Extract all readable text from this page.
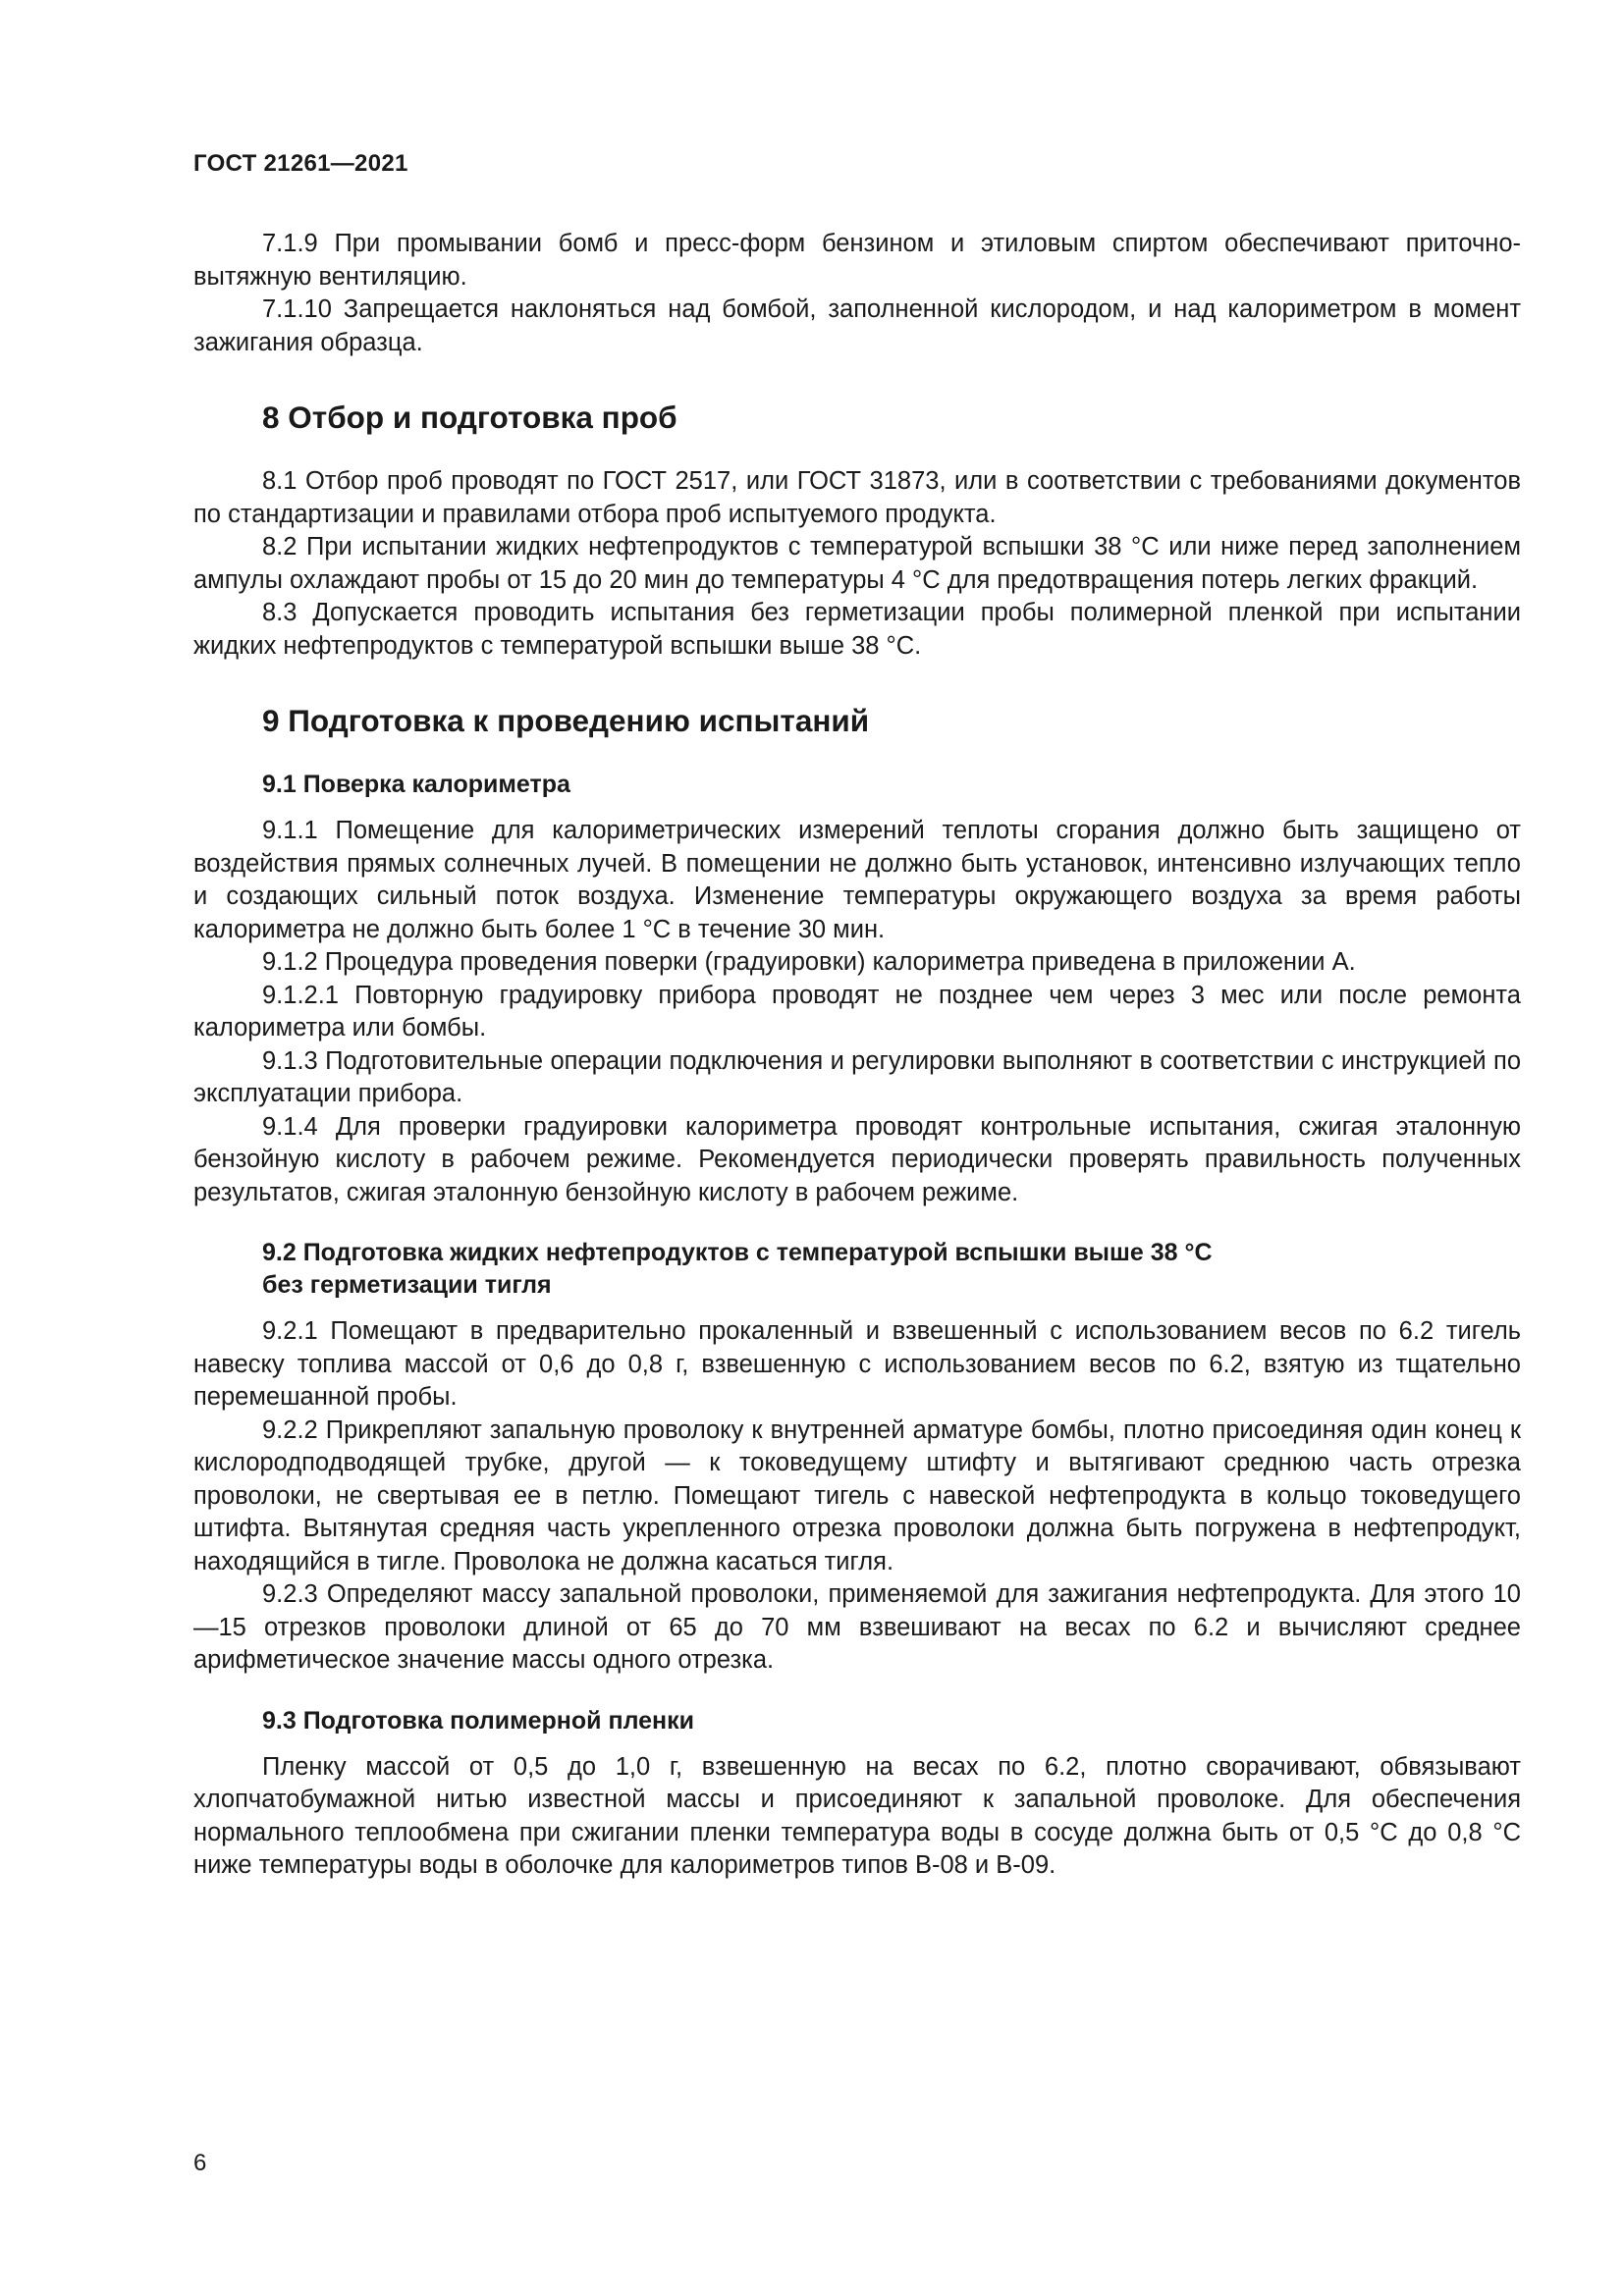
ГОСТ 21261—2021

7.1.9 При промывании бомб и пресс-форм бензином и этиловым спиртом обеспечивают приточно-вытяжную вентиляцию.

7.1.10 Запрещается наклоняться над бомбой, заполненной кислородом, и над калориметром в момент зажигания образца.

8 Отбор и подготовка проб

8.1 Отбор проб проводят по ГОСТ 2517, или ГОСТ 31873, или в соответствии с требованиями документов по стандартизации и правилами отбора проб испытуемого продукта.

8.2 При испытании жидких нефтепродуктов с температурой вспышки 38 °С или ниже перед заполнением ампулы охлаждают пробы от 15 до 20 мин до температуры 4 °С для предотвращения потерь легких фракций.

8.3 Допускается проводить испытания без герметизации пробы полимерной пленкой при испытании жидких нефтепродуктов с температурой вспышки выше 38 °С.

9 Подготовка к проведению испытаний
9.1 Поверка калориметра

9.1.1 Помещение для калориметрических измерений теплоты сгорания должно быть защищено от воздействия прямых солнечных лучей. В помещении не должно быть установок, интенсивно излучающих тепло и создающих сильный поток воздуха. Изменение температуры окружающего воздуха за время работы калориметра не должно быть более 1 °С в течение 30 мин.

9.1.2 Процедура проведения поверки (градуировки) калориметра приведена в приложении А.

9.1.2.1 Повторную градуировку прибора проводят не позднее чем через 3 мес или после ремонта калориметра или бомбы.

9.1.3 Подготовительные операции подключения и регулировки выполняют в соответствии с инструкцией по эксплуатации прибора.

9.1.4 Для проверки градуировки калориметра проводят контрольные испытания, сжигая эталонную бензойную кислоту в рабочем режиме. Рекомендуется периодически проверять правильность полученных результатов, сжигая эталонную бензойную кислоту в рабочем режиме.

9.2 Подготовка жидких нефтепродуктов с температурой вспышки выше 38 °С
без герметизации тигля

9.2.1 Помещают в предварительно прокаленный и взвешенный с использованием весов по 6.2 тигель навеску топлива массой от 0,6 до 0,8 г, взвешенную с использованием весов по 6.2, взятую из тщательно перемешанной пробы.

9.2.2 Прикрепляют запальную проволоку к внутренней арматуре бомбы, плотно присоединяя один конец к кислородподводящей трубке, другой — к токоведущему штифту и вытягивают среднюю часть отрезка проволоки, не свертывая ее в петлю. Помещают тигель с навеской нефтепродукта в кольцо токоведущего штифта. Вытянутая средняя часть укрепленного отрезка проволоки должна быть погружена в нефтепродукт, находящийся в тигле. Проволока не должна касаться тигля.

9.2.3 Определяют массу запальной проволоки, применяемой для зажигания нефтепродукта. Для этого 10—15 отрезков проволоки длиной от 65 до 70 мм взвешивают на весах по 6.2 и вычисляют среднее арифметическое значение массы одного отрезка.

9.3 Подготовка полимерной пленки

Пленку массой от 0,5 до 1,0 г, взвешенную на весах по 6.2, плотно сворачивают, обвязывают хлопчатобумажной нитью известной массы и присоединяют к запальной проволоке. Для обеспечения нормального теплообмена при сжигании пленки температура воды в сосуде должна быть от 0,5 °С до 0,8 °С ниже температуры воды в оболочке для калориметров типов В-08 и В-09.

6
